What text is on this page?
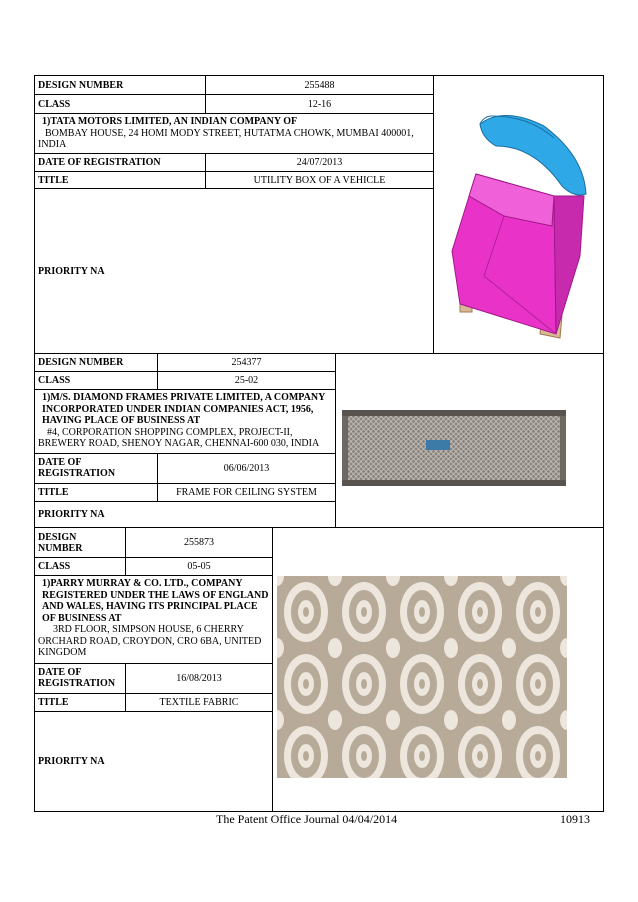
DESIGN NUMBER	255488
CLASS	12-16
1)TATA MOTORS LIMITED, AN INDIAN COMPANY OF
BOMBAY HOUSE, 24 HOMI MODY STREET, HUTATMA CHOWK, MUMBAI 400001, INDIA
DATE OF REGISTRATION	24/07/2013
TITLE	UTILITY BOX OF A VEHICLE
PRIORITY NA
DESIGN NUMBER	254377
CLASS	25-02
1)M/S. DIAMOND FRAMES PRIVATE LIMITED, A COMPANY INCORPORATED UNDER INDIAN COMPANIES ACT, 1956, HAVING PLACE OF BUSINESS AT
#4, CORPORATION SHOPPING COMPLEX, PROJECT-II, BREWERY ROAD, SHENOY NAGAR, CHENNAI-600 030, INDIA
DATE OF
REGISTRATION	06/06/2013
TITLE	FRAME FOR CEILING SYSTEM
PRIORITY NA
DESIGN
NUMBER
255873
CLASS	05-05
1)PARRY MURRAY & CO. LTD., COMPANY REGISTERED UNDER THE LAWS OF ENGLAND AND WALES, HAVING ITS PRINCIPAL PLACE OF BUSINESS AT
3RD FLOOR, SIMPSON HOUSE, 6 CHERRY ORCHARD ROAD, CROYDON, CRO 6BA, UNITED KINGDOM
DATE OF
REGISTRATION	16/08/2013
TITLE	TEXTILE FABRIC
PRIORITY NA
The Patent Office Journal 04/04/2014	10913
